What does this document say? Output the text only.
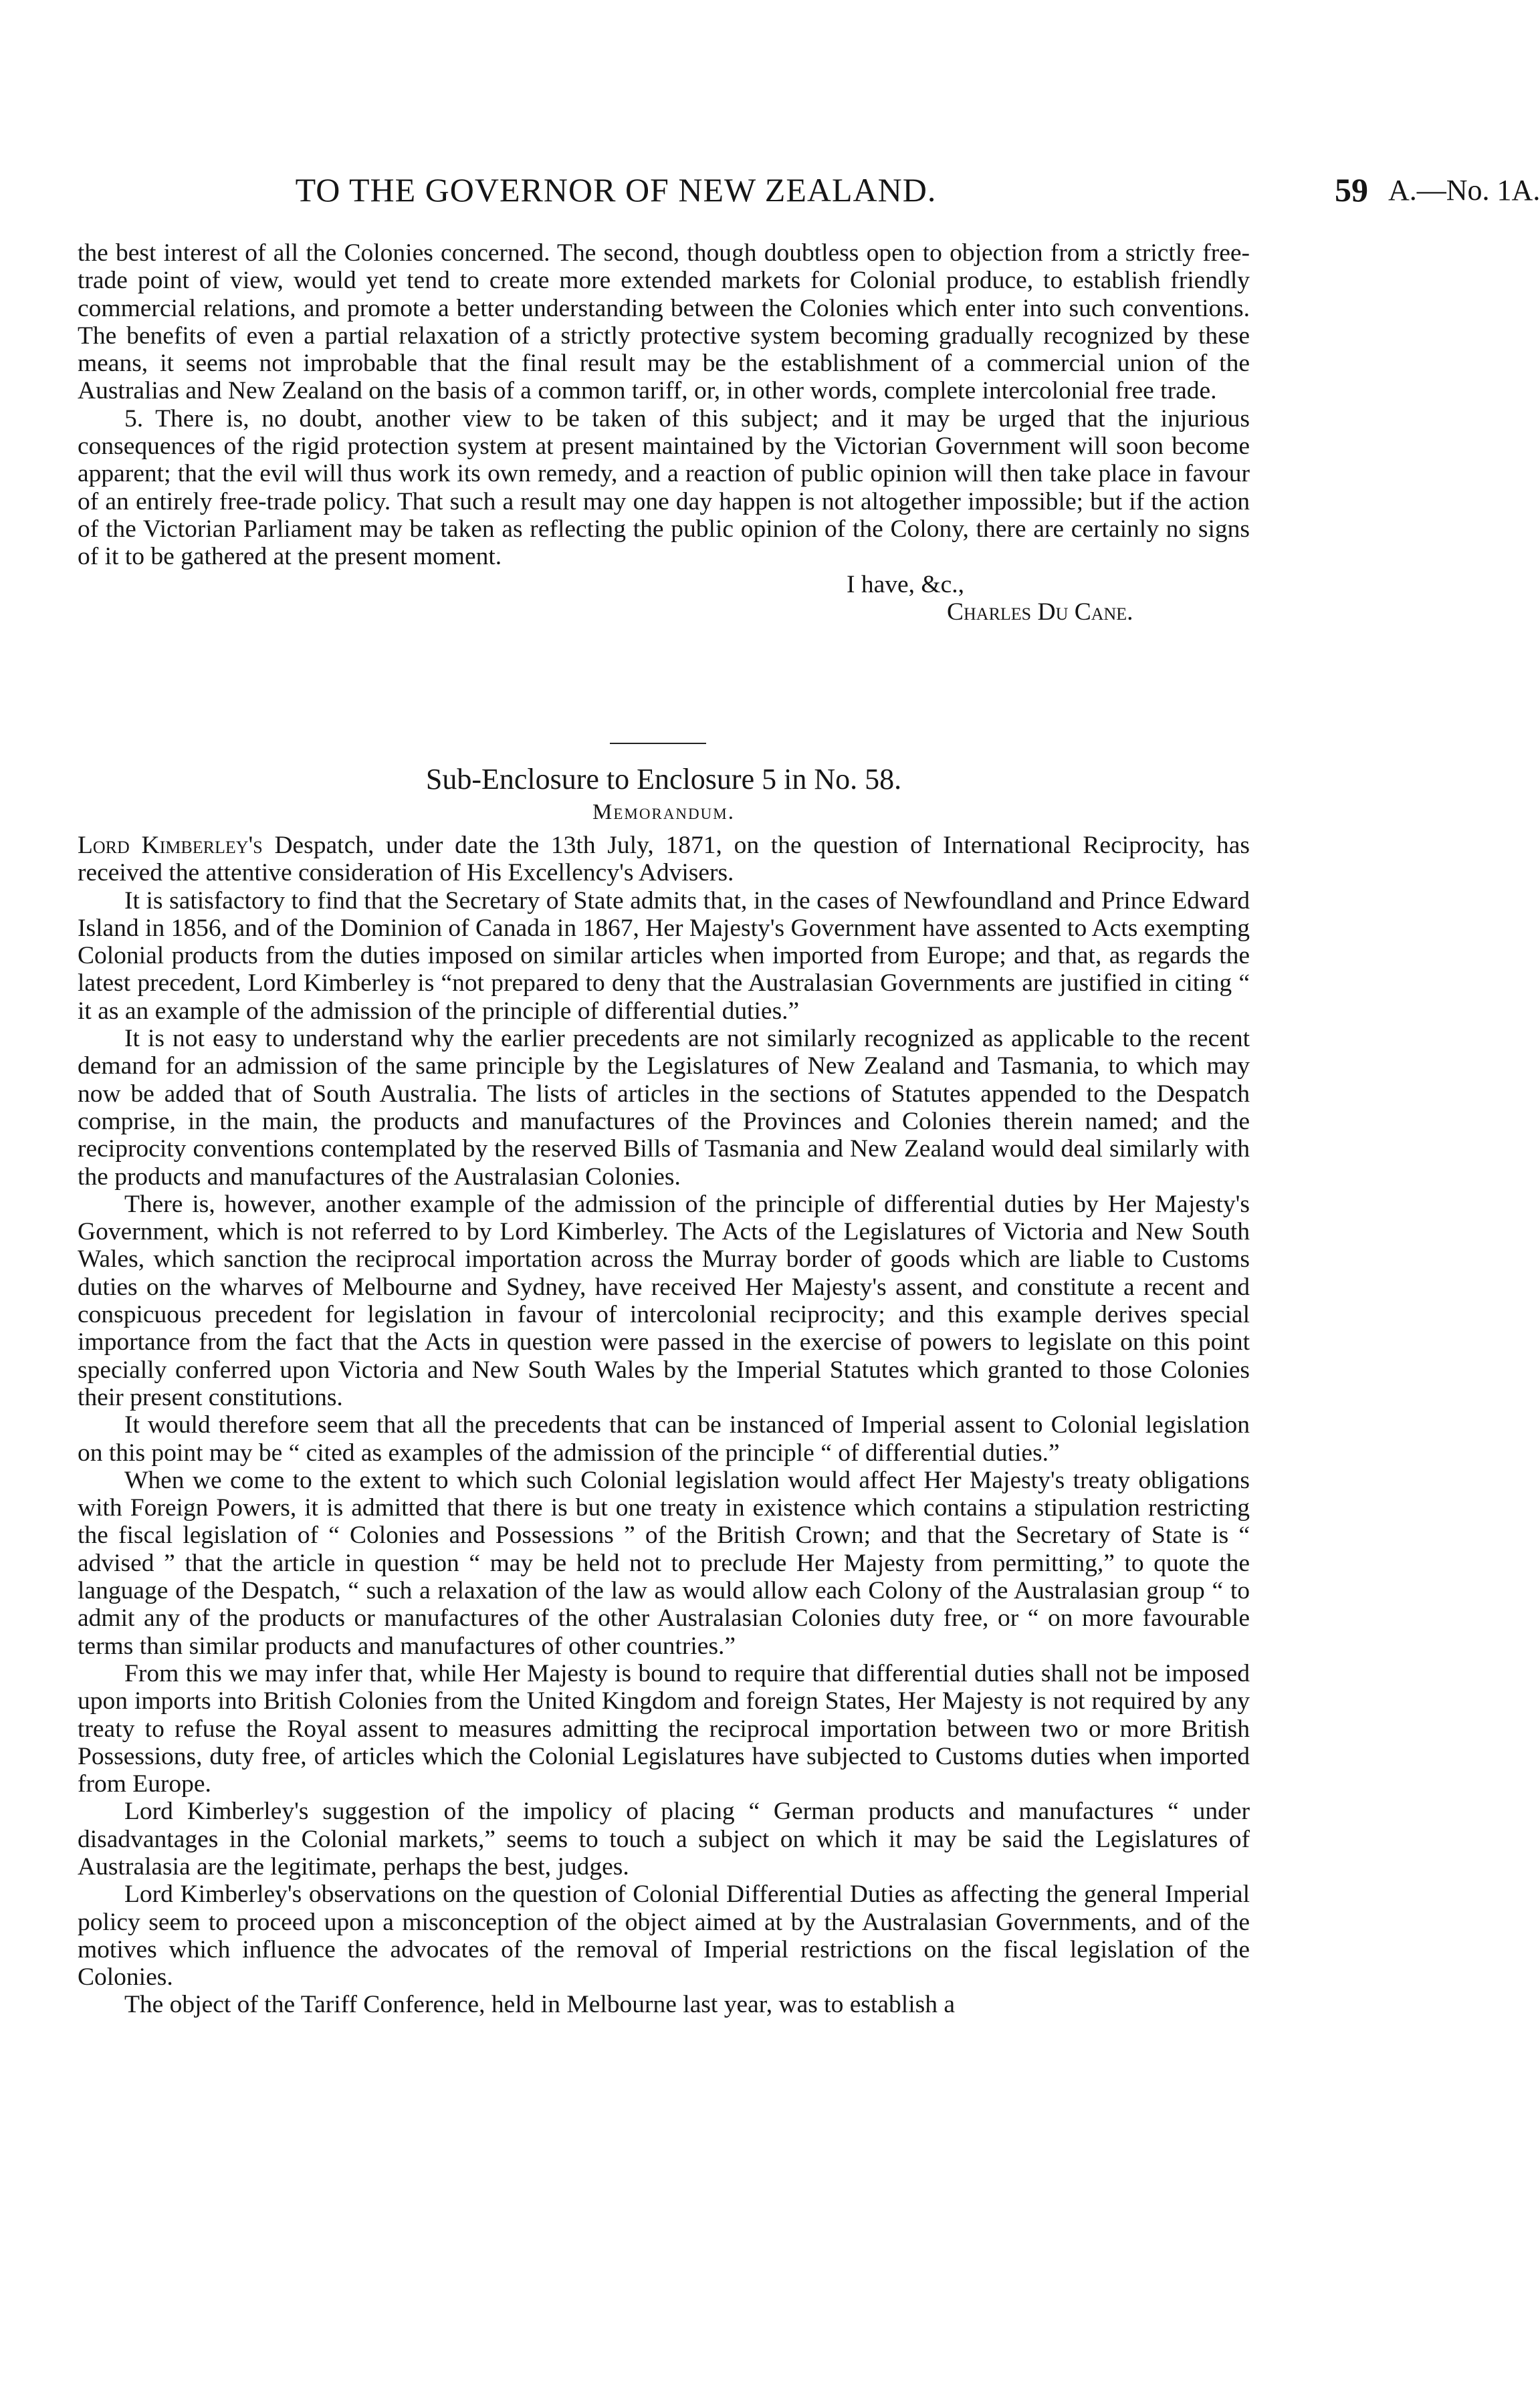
TO THE GOVERNOR OF NEW ZEALAND.	59 A.—No. 1A.

the best interest of all the Colonies concerned. The second, though doubtless open to objection from a strictly free-trade point of view, would yet tend to create more extended markets for Colonial produce, to establish friendly commercial relations, and promote a better understanding between the Colonies which enter into such conventions. The benefits of even a partial relaxation of a strictly protective system becoming gradually recognized by these means, it seems not improbable that the final result may be the establishment of a commercial union of the Australias and New Zealand on the basis of a common tariff, or, in other words, complete intercolonial free trade.

5. There is, no doubt, another view to be taken of this subject; and it may be urged that the injurious consequences of the rigid protection system at present maintained by the Victorian Government will soon become apparent; that the evil will thus work its own remedy, and a reaction of public opinion will then take place in favour of an entirely free-trade policy. That such a result may one day happen is not altogether impossible; but if the action of the Victorian Parliament may be taken as reflecting the public opinion of the Colony, there are certainly no signs of it to be gathered at the present moment.

I have, &c.,
Charles Du Cane.
Sub-Enclosure to Enclosure 5 in No. 58.
Memorandum.

Lord Kimberley's Despatch, under date the 13th July, 1871, on the question of International Reciprocity, has received the attentive consideration of His Excellency's Advisers.

It is satisfactory to find that the Secretary of State admits that, in the cases of Newfoundland and Prince Edward Island in 1856, and of the Dominion of Canada in 1867, Her Majesty's Government have assented to Acts exempting Colonial products from the duties imposed on similar articles when imported from Europe; and that, as regards the latest precedent, Lord Kimberley is “not prepared to deny that the Australasian Governments are justified in citing “ it as an example of the admission of the principle of differential duties.”

It is not easy to understand why the earlier precedents are not similarly recognized as applicable to the recent demand for an admission of the same principle by the Legislatures of New Zealand and Tasmania, to which may now be added that of South Australia. The lists of articles in the sections of Statutes appended to the Despatch comprise, in the main, the products and manufactures of the Provinces and Colonies therein named; and the reciprocity conventions contemplated by the reserved Bills of Tasmania and New Zealand would deal similarly with the products and manufactures of the Australasian Colonies.

There is, however, another example of the admission of the principle of differential duties by Her Majesty's Government, which is not referred to by Lord Kimberley. The Acts of the Legislatures of Victoria and New South Wales, which sanction the reciprocal importation across the Murray border of goods which are liable to Customs duties on the wharves of Melbourne and Sydney, have received Her Majesty's assent, and constitute a recent and conspicuous precedent for legislation in favour of intercolonial reciprocity; and this example derives special importance from the fact that the Acts in question were passed in the exercise of powers to legislate on this point specially conferred upon Victoria and New South Wales by the Imperial Statutes which granted to those Colonies their present constitutions.

It would therefore seem that all the precedents that can be instanced of Imperial assent to Colonial legislation on this point may be “ cited as examples of the admission of the principle “ of differential duties.”

When we come to the extent to which such Colonial legislation would affect Her Majesty's treaty obligations with Foreign Powers, it is admitted that there is but one treaty in existence which contains a stipulation restricting the fiscal legislation of “ Colonies and Possessions ” of the British Crown; and that the Secretary of State is “ advised ” that the article in question “ may be held not to preclude Her Majesty from permitting,” to quote the language of the Despatch, “ such a relaxation of the law as would allow each Colony of the Australasian group “ to admit any of the products or manufactures of the other Australasian Colonies duty free, or “ on more favourable terms than similar products and manufactures of other countries.”

From this we may infer that, while Her Majesty is bound to require that differential duties shall not be imposed upon imports into British Colonies from the United Kingdom and foreign States, Her Majesty is not required by any treaty to refuse the Royal assent to measures admitting the reciprocal importation between two or more British Possessions, duty free, of articles which the Colonial Legislatures have subjected to Customs duties when imported from Europe.

Lord Kimberley's suggestion of the impolicy of placing “ German products and manufactures “ under disadvantages in the Colonial markets,” seems to touch a subject on which it may be said the Legislatures of Australasia are the legitimate, perhaps the best, judges.

Lord Kimberley's observations on the question of Colonial Differential Duties as affecting the general Imperial policy seem to proceed upon a misconception of the object aimed at by the Australasian Governments, and of the motives which influence the advocates of the removal of Imperial restrictions on the fiscal legislation of the Colonies.

The object of the Tariff Conference, held in Melbourne last year, was to establish a
